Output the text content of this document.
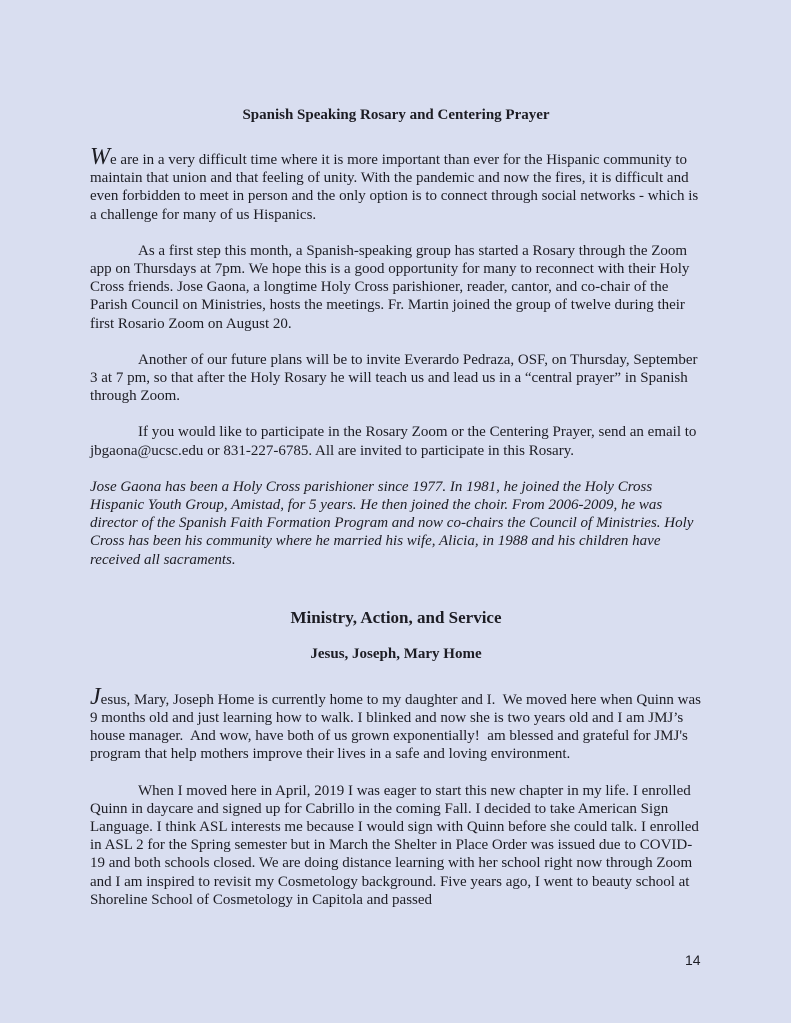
Spanish Speaking Rosary and Centering Prayer

We are in a very difficult time where it is more important than ever for the Hispanic community to maintain that union and that feeling of unity. With the pandemic and now the fires, it is difficult and even forbidden to meet in person and the only option is to connect through social networks - which is a challenge for many of us Hispanics.

As a first step this month, a Spanish-speaking group has started a Rosary through the Zoom app on Thursdays at 7pm. We hope this is a good opportunity for many to reconnect with their Holy Cross friends. Jose Gaona, a longtime Holy Cross parishioner, reader, cantor, and co-chair of the Parish Council on Ministries, hosts the meetings. Fr. Martin joined the group of twelve during their first Rosario Zoom on August 20.

Another of our future plans will be to invite Everardo Pedraza, OSF, on Thursday, September 3 at 7 pm, so that after the Holy Rosary he will teach us and lead us in a “central prayer” in Spanish through Zoom.

If you would like to participate in the Rosary Zoom or the Centering Prayer, send an email to jbgaona@ucsc.edu or 831-227-6785. All are invited to participate in this Rosary.

Jose Gaona has been a Holy Cross parishioner since 1977. In 1981, he joined the Holy Cross Hispanic Youth Group, Amistad, for 5 years. He then joined the choir. From 2006-2009, he was director of the Spanish Faith Formation Program and now co-chairs the Council of Ministries. Holy Cross has been his community where he married his wife, Alicia, in 1988 and his children have received all sacraments.

Ministry, Action, and Service
Jesus, Joseph, Mary Home

Jesus, Mary, Joseph Home is currently home to my daughter and I.  We moved here when Quinn was 9 months old and just learning how to walk. I blinked and now she is two years old and I am JMJ’s house manager.  And wow, have both of us grown exponentially!  am blessed and grateful for JMJ's program that help mothers improve their lives in a safe and loving environment.

When I moved here in April, 2019 I was eager to start this new chapter in my life. I enrolled Quinn in daycare and signed up for Cabrillo in the coming Fall. I decided to take American Sign Language. I think ASL interests me because I would sign with Quinn before she could talk. I enrolled in ASL 2 for the Spring semester but in March the Shelter in Place Order was issued due to COVID-19 and both schools closed. We are doing distance learning with her school right now through Zoom and I am inspired to revisit my Cosmetology background. Five years ago, I went to beauty school at Shoreline School of Cosmetology in Capitola and passed

14
